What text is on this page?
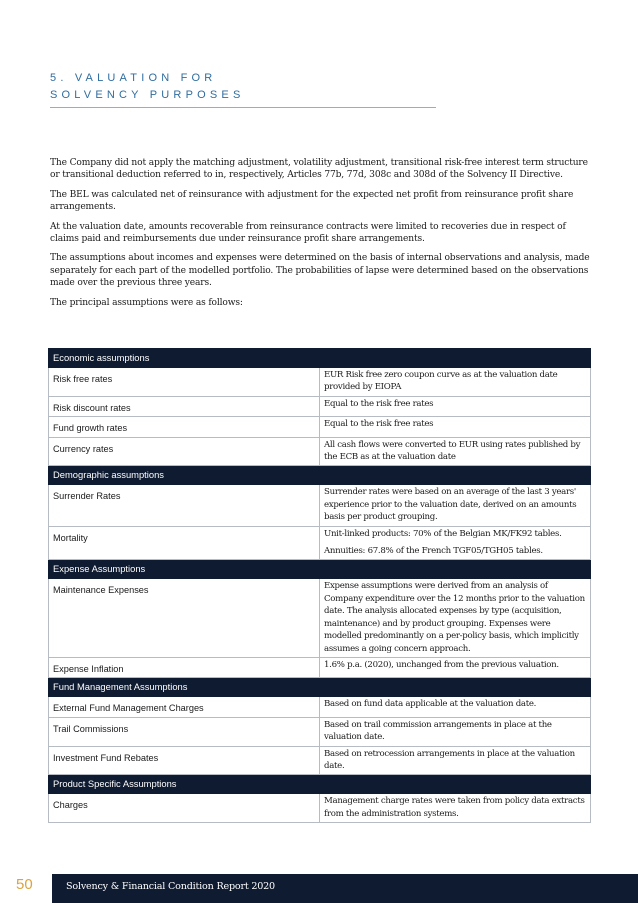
5. VALUATION FOR
SOLVENCY PURPOSES

The Company did not apply the matching adjustment, volatility adjustment, transitional risk-free interest term structure or transitional deduction referred to in, respectively, Articles 77b, 77d, 308c and 308d of the Solvency II Directive.

The BEL was calculated net of reinsurance with adjustment for the expected net profit from reinsurance profit share arrangements.

At the valuation date, amounts recoverable from reinsurance contracts were limited to recoveries due in respect of claims paid and reimbursements due under reinsurance profit share arrangements.

The assumptions about incomes and expenses were determined on the basis of internal observations and analysis, made separately for each part of the modelled portfolio. The probabilities of lapse were determined based on the observations made over the previous three years.

The principal assumptions were as follows:

Economic assumptions	
Risk free rates	EUR Risk free zero coupon curve as at the valuation date provided by EIOPA
Risk discount rates	Equal to the risk free rates
Fund growth rates	Equal to the risk free rates
Currency rates	All cash flows were converted to EUR using rates published by the ECB as at the valuation date
Demographic assumptions	
Surrender Rates	Surrender rates were based on an average of the last 3 years' experience prior to the valuation date, derived on an amounts basis per product grouping.
Mortality	Unit-linked products: 70% of the Belgian MK/FK92 tables.

Annuities: 67.8% of the French TGF05/TGH05 tables.

Expense Assumptions	
Maintenance Expenses	Expense assumptions were derived from an analysis of Company expenditure over the 12 months prior to the valuation date. The analysis allocated expenses by type (acquisition, maintenance) and by product grouping. Expenses were modelled predominantly on a per-policy basis, which implicitly assumes a going concern approach.
Expense Inflation	1.6% p.a. (2020), unchanged from the previous valuation.
Fund Management Assumptions	
External Fund Management Charges	Based on fund data applicable at the valuation date.
Trail Commissions	Based on trail commission arrangements in place at the valuation date.
Investment Fund Rebates	Based on retrocession arrangements in place at the valuation date.
Product Specific Assumptions	
Charges	Management charge rates were taken from policy data extracts from the administration systems.
50	Solvency & Financial Condition Report 2020
